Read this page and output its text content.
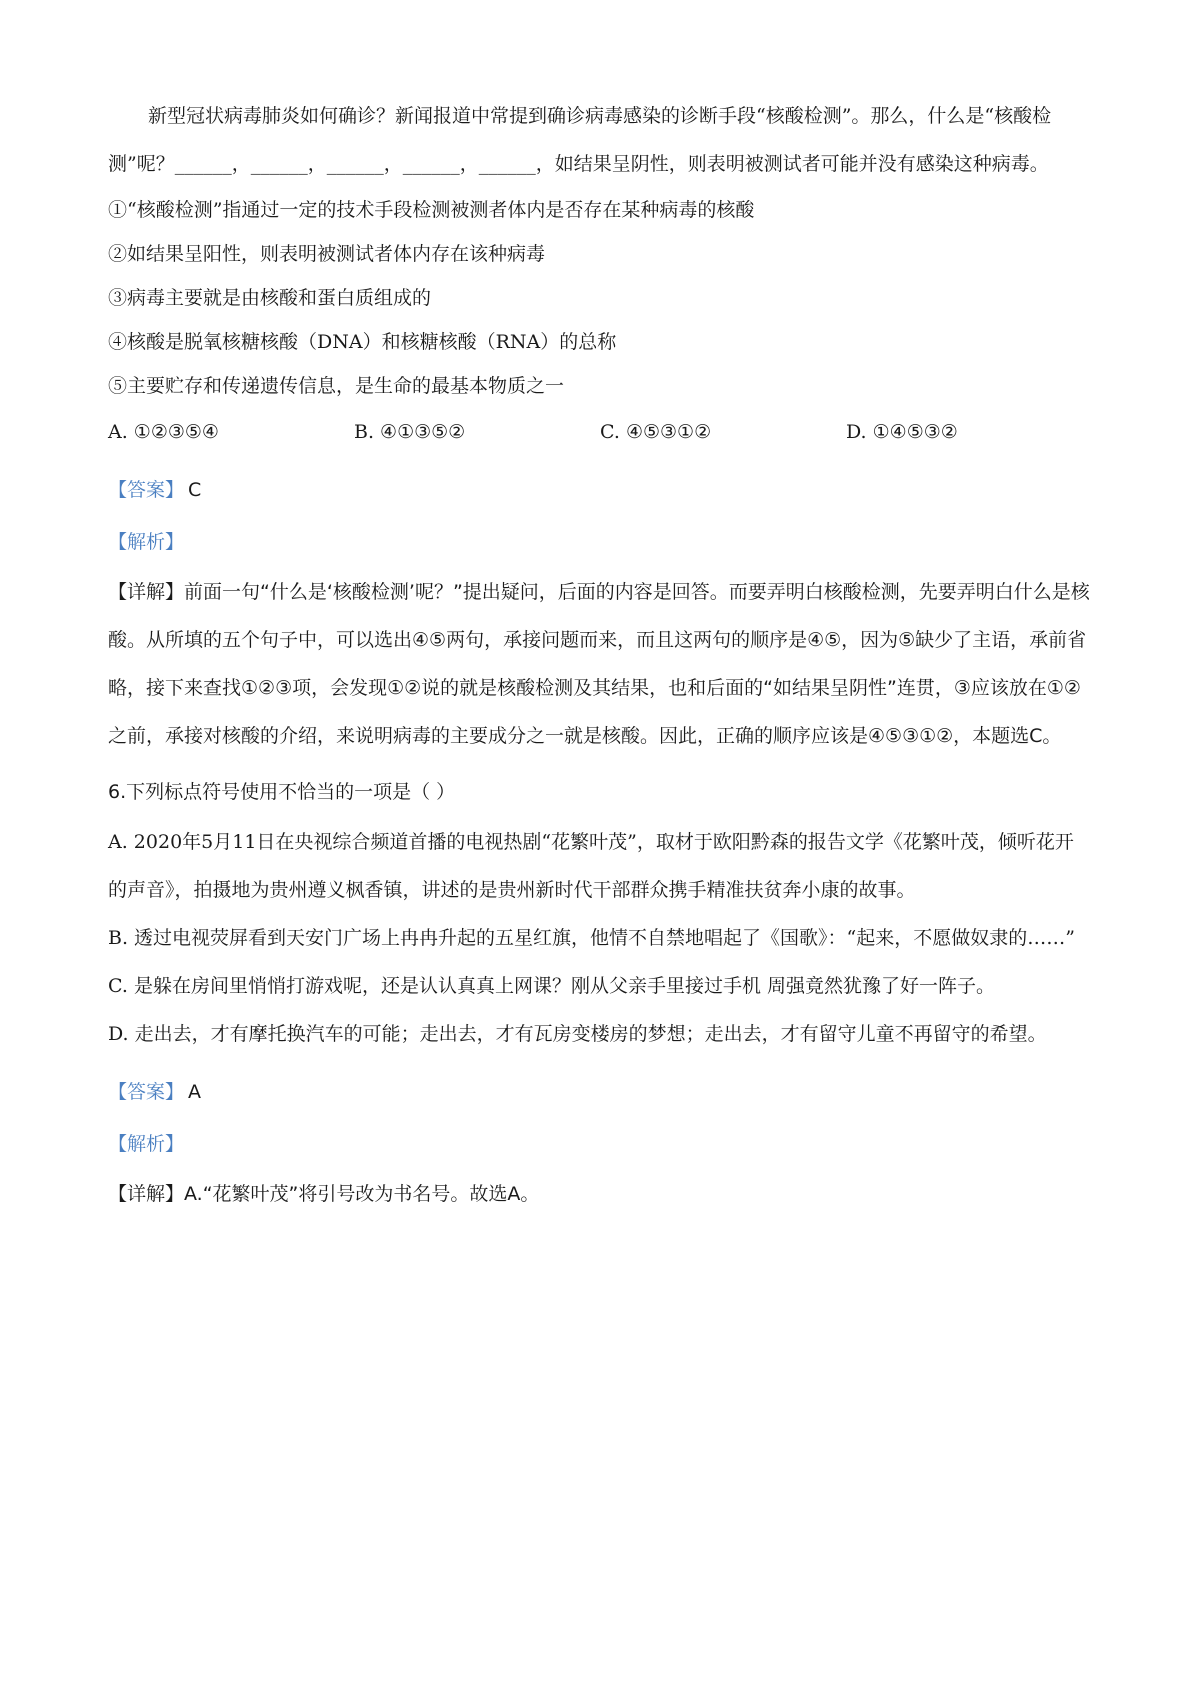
新型冠状病毒肺炎如何确诊？新闻报道中常提到确诊病毒感染的诊断手段“核酸检测”。那么，什么是“核酸检测”呢？______，______，______，______，______，如结果呈阴性，则表明被测试者可能并没有感染这种病毒。

①“核酸检测”指通过一定的技术手段检测被测者体内是否存在某种病毒的核酸

②如结果呈阳性，则表明被测试者体内存在该种病毒

③病毒主要就是由核酸和蛋白质组成的

④核酸是脱氧核糖核酸（DNA）和核糖核酸（RNA）的总称

⑤主要贮存和传递遗传信息，是生命的最基本物质之一

A. ①②③⑤④	B. ④①③⑤②	C. ④⑤③①②	D. ①④⑤③②

【答案】 C

【解析】

【详解】前面一句“什么是‘核酸检测’呢？”提出疑问，后面的内容是回答。而要弄明白核酸检测，先要弄明白什么是核酸。从所填的五个句子中，可以选出④⑤两句，承接问题而来，而且这两句的顺序是④⑤，因为⑤缺少了主语，承前省略，接下来查找①②③项，会发现①②说的就是核酸检测及其结果，也和后面的“如结果呈阴性”连贯，③应该放在①②之前，承接对核酸的介绍，来说明病毒的主要成分之一就是核酸。因此，正确的顺序应该是④⑤③①②，本题选C。

6.下列标点符号使用不恰当的一项是（ ）

A. 2020年5月11日在央视综合频道首播的电视热剧“花繁叶茂”，取材于欧阳黔森的报告文学《花繁叶茂，倾听花开的声音》，拍摄地为贵州遵义枫香镇，讲述的是贵州新时代干部群众携手精准扶贫奔小康的故事。

B. 透过电视荧屏看到天安门广场上冉冉升起的五星红旗，他情不自禁地唱起了《国歌》：“起来，不愿做奴隶的……”

C. 是躲在房间里悄悄打游戏呢，还是认认真真上网课？刚从父亲手里接过手机 周强竟然犹豫了好一阵子。

D. 走出去，才有摩托换汽车的可能；走出去，才有瓦房变楼房的梦想；走出去，才有留守儿童不再留守的希望。

【答案】 A

【解析】

【详解】A.“花繁叶茂”将引号改为书名号。故选A。
